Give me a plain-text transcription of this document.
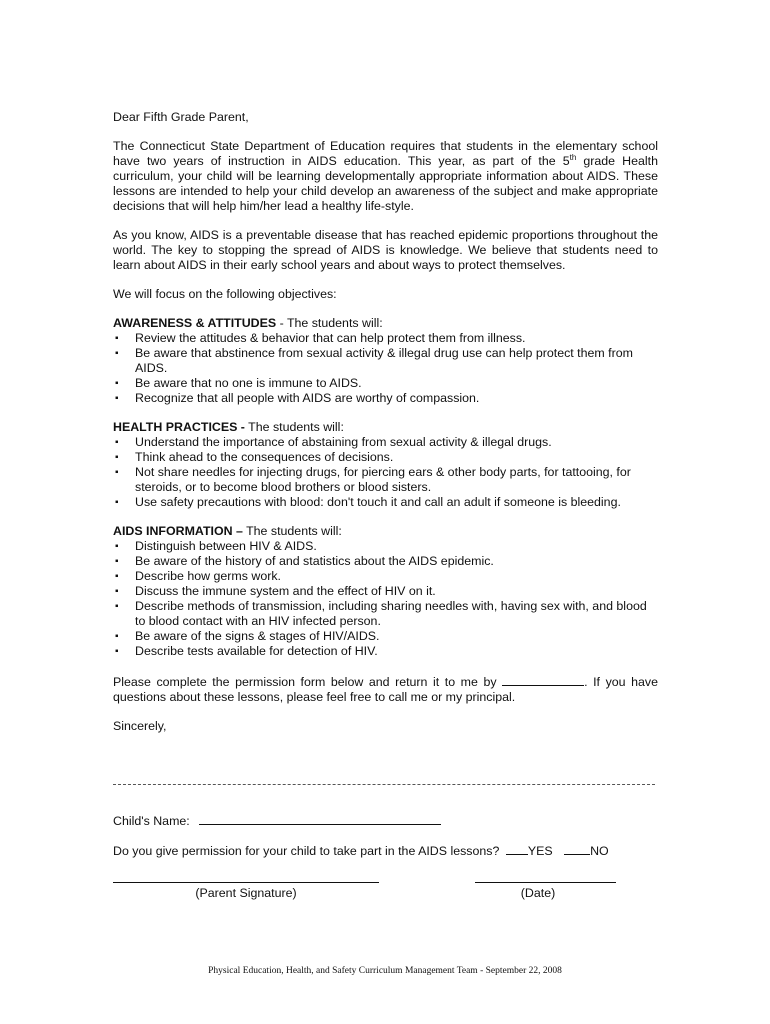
Dear Fifth Grade Parent,

The Connecticut State Department of Education requires that students in the elementary school have two years of instruction in AIDS education. This year, as part of the 5th grade Health curriculum, your child will be learning developmentally appropriate information about AIDS. These lessons are intended to help your child develop an awareness of the subject and make appropriate decisions that will help him/her lead a healthy life-style.

As you know, AIDS is a preventable disease that has reached epidemic proportions throughout the world. The key to stopping the spread of AIDS is knowledge. We believe that students need to learn about AIDS in their early school years and about ways to protect themselves.

We will focus on the following objectives:

AWARENESS & ATTITUDES - The students will:

▪ Review the attitudes & behavior that can help protect them from illness.
▪ Be aware that abstinence from sexual activity & illegal drug use can help protect them from AIDS.
▪ Be aware that no one is immune to AIDS.
▪ Recognize that all people with AIDS are worthy of compassion.

HEALTH PRACTICES - The students will:

▪ Understand the importance of abstaining from sexual activity & illegal drugs.
▪ Think ahead to the consequences of decisions.
▪ Not share needles for injecting drugs, for piercing ears & other body parts, for tattooing, for steroids, or to become blood brothers or blood sisters.
▪ Use safety precautions with blood: don't touch it and call an adult if someone is bleeding.

AIDS INFORMATION – The students will:

▪ Distinguish between HIV & AIDS.
▪ Be aware of the history of and statistics about the AIDS epidemic.
▪ Describe how germs work.
▪ Discuss the immune system and the effect of HIV on it.
▪ Describe methods of transmission, including sharing needles with, having sex with, and blood to blood contact with an HIV infected person.
▪ Be aware of the signs & stages of HIV/AIDS.
▪ Describe tests available for detection of HIV.

Please complete the permission form below and return it to me by	. If you have questions about these lessons, please feel free to call me or my principal.

Sincerely,

Child's Name:
Do you give permission for your child to take part in the AIDS lessons? YES	NO
(Parent Signature)	(Date)
Physical Education, Health, and Safety Curriculum Management Team - September 22, 2008
